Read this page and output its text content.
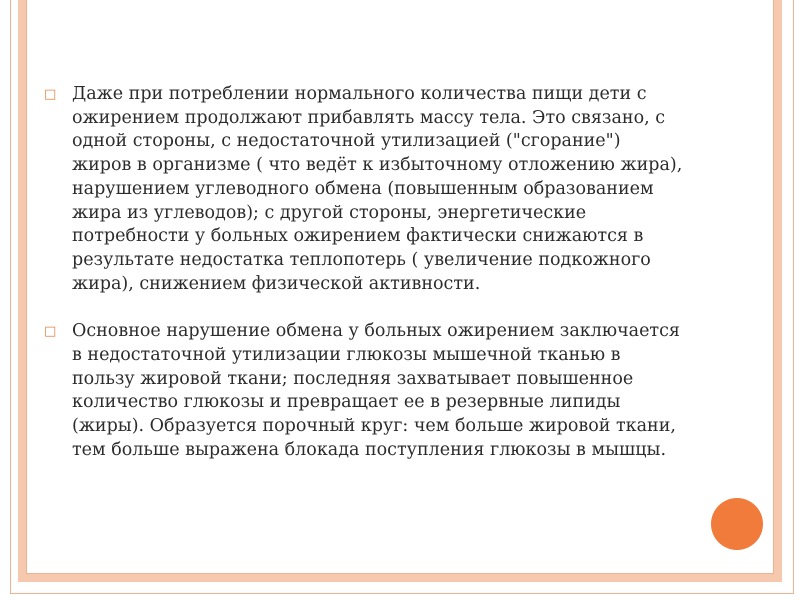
□ Даже при потреблении нормального количества пищи дети с ожирением продолжают прибавлять массу тела. Это связано, с одной стороны, с недостаточной утилизацией ("сгорание") жиров в организме ( что ведёт к избыточному отложению жира), нарушением углеводного обмена (повышенным образованием жира из углеводов); с другой стороны, энергетические потребности у больных ожирением фактически снижаются в результате недостатка теплопотерь ( увеличение подкожного жира), снижением физической активности.
□ Основное нарушение обмена у больных ожирением заключается в недостаточной утилизации глюкозы мышечной тканью в пользу жировой ткани; последняя захватывает повышенное количество глюкозы и превращает ее в резервные липиды (жиры). Образуется порочный круг: чем больше жировой ткани, тем больше выражена блокада поступления глюкозы в мышцы.
